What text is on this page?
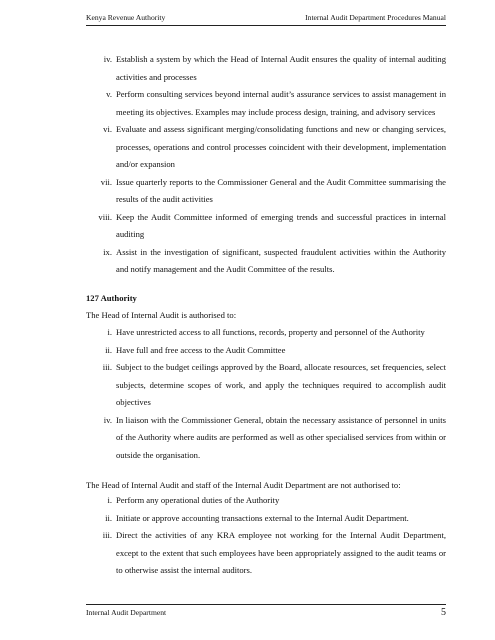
Kenya Revenue Authority	Internal Audit Department Procedures Manual
iv. Establish a system by which the Head of Internal Audit ensures the quality of internal auditing activities and processes
v. Perform consulting services beyond internal audit’s assurance services to assist management in meeting its objectives. Examples may include process design, training, and advisory services
vi. Evaluate and assess significant merging/consolidating functions and new or changing services, processes, operations and control processes coincident with their development, implementation and/or expansion
vii. Issue quarterly reports to the Commissioner General and the Audit Committee summarising the results of the audit activities
viii. Keep the Audit Committee informed of emerging trends and successful practices in internal auditing
ix. Assist in the investigation of significant, suspected fraudulent activities within the Authority and notify management and the Audit Committee of the results.
127 Authority
The Head of Internal Audit is authorised to:
i. Have unrestricted access to all functions, records, property and personnel of the Authority
ii. Have full and free access to the Audit Committee
iii. Subject to the budget ceilings approved by the Board, allocate resources, set frequencies, select subjects, determine scopes of work, and apply the techniques required to accomplish audit objectives
iv. In liaison with the Commissioner General, obtain the necessary assistance of personnel in units of the Authority where audits are performed as well as other specialised services from within or outside the organisation.
The Head of Internal Audit and staff of the Internal Audit Department are not authorised to:
i. Perform any operational duties of the Authority
ii. Initiate or approve accounting transactions external to the Internal Audit Department.
iii. Direct the activities of any KRA employee not working for the Internal Audit Department, except to the extent that such employees have been appropriately assigned to the audit teams or to otherwise assist the internal auditors.
Internal Audit Department	5
